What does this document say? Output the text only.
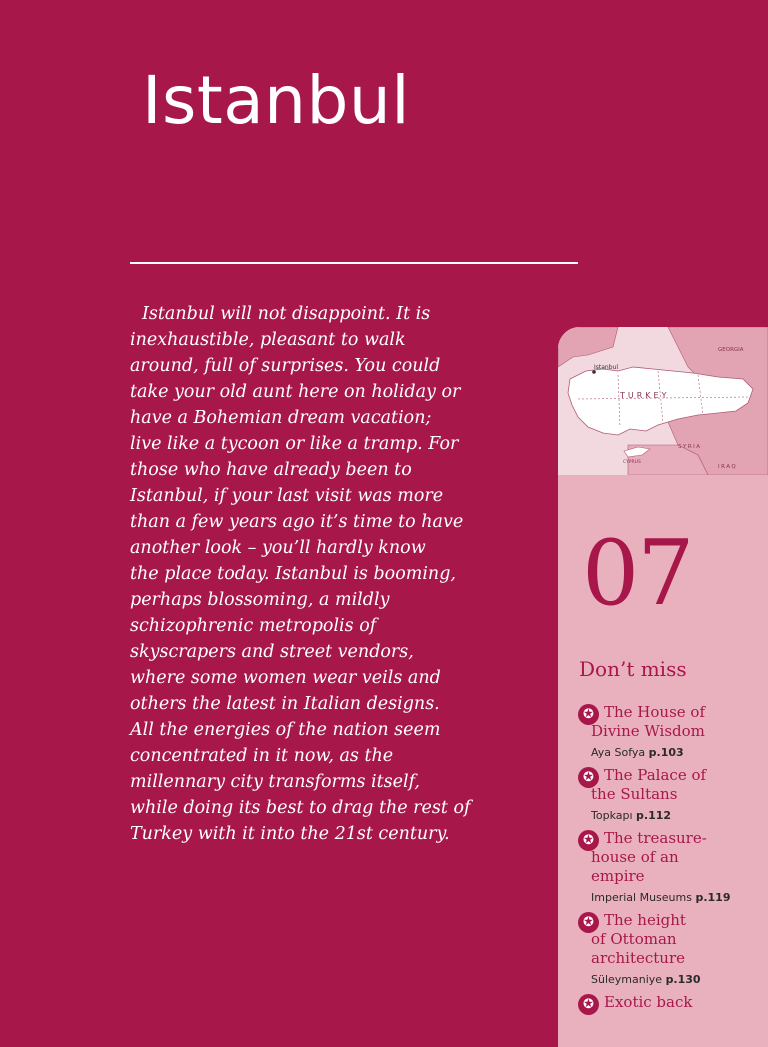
Istanbul

Istanbul will not disappoint. It is
inexhaustible, pleasant to walk
around, full of surprises. You could
take your old aunt here on holiday or
have a Bohemian dream vacation;
live like a tycoon or like a tramp. For
those who have already been to
Istanbul, if your last visit was more
than a few years ago it’s time to have
another look – you’ll hardly know
the place today. Istanbul is booming,
perhaps blossoming, a mildly
schizophrenic metropolis of
skyscrapers and street vendors,
where some women wear veils and
others the latest in Italian designs.
All the energies of the nation seem
concentrated in it now, as the
millennary city transforms itself,
while doing its best to drag the rest of
Turkey with it into the 21st century.

Istanbul
GEORGIA
TURKEY
SYRIA
CYPRUS
IRAQ
07
Don’t miss
✪ The House of
Divine Wisdom
Aya Sofya p.103
✪ The Palace of
the Sultans
Topkapı p.112
✪ The treasure-
house of an
empire
Imperial Museums p.119
✪ The height
of Ottoman
architecture
Süleymaniye p.130
✪ Exotic back
